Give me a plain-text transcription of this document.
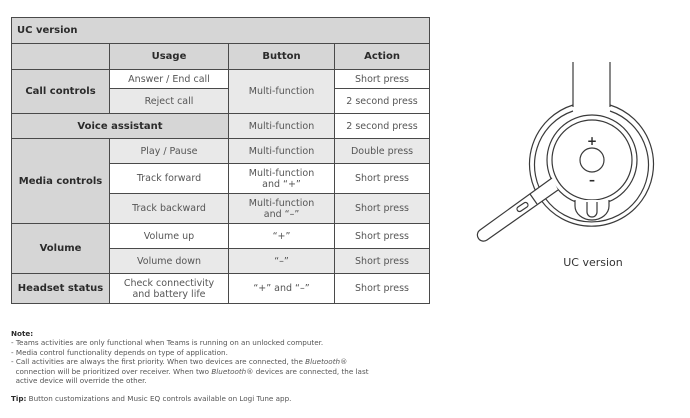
UC version			
	Usage	Button	Action
Call controls	Answer / End call	Multi-function	Short press
	Reject call		2 second press
Voice assistant		Multi-function	2 second press
Media controls	Play / Pause	Multi-function	Double press
	Track forward	Multi-function and “+”	Short press
	Track backward	Multi-function and “–”	Short press
Volume	Volume up	“+”	Short press
	Volume down	“–”	Short press
Headset status	Check connectivity and battery life	“+” and “–”	Short press
Note:
- Teams activities are only functional when Teams is running on an unlocked computer.
- Media control functionality depends on type of application.
- Call activities are always the first priority. When two devices are connected, the Bluetooth®
connection will be prioritized over receiver. When two Bluetooth® devices are connected, the last
active device will override the other.
Tip: Button customizations and Music EQ controls available on Logi Tune app.
+
–
UC version
